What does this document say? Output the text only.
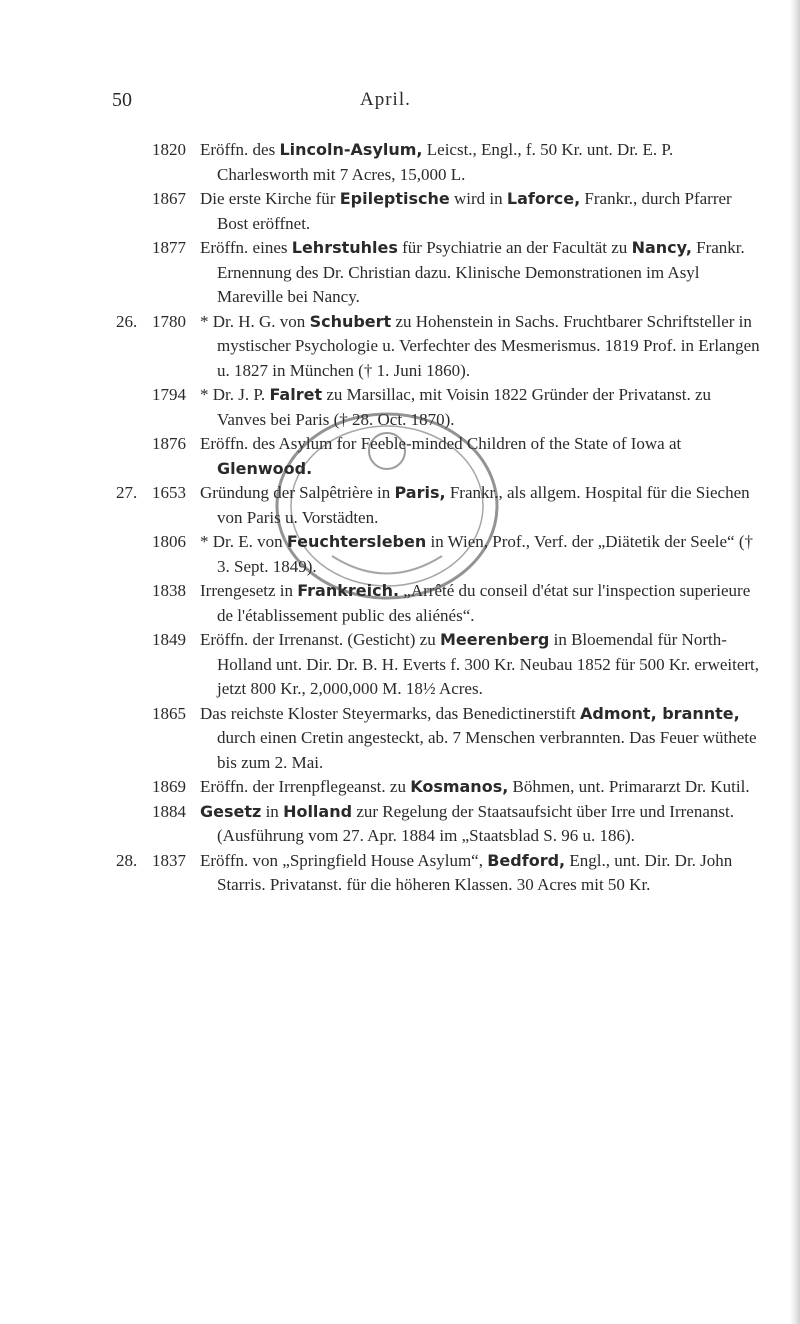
50	April.
1820 Eröffn. des Lincoln-Asylum, Leicst., Engl., f. 50 Kr. unt. Dr. E. P. Charlesworth mit 7 Acres, 15,000 L.
1867 Die erste Kirche für Epileptische wird in Laforce, Frankr., durch Pfarrer Bost eröffnet.
1877 Eröffn. eines Lehrstuhles für Psychiatrie an der Facultät zu Nancy, Frankr. Ernennung des Dr. Christian dazu. Klinische Demonstrationen im Asyl Mareville bei Nancy.
26. 1780 * Dr. H. G. von Schubert zu Hohenstein in Sachs. Fruchtbarer Schriftsteller in mystischer Psychologie u. Verfechter des Mesmerismus. 1819 Prof. in Erlangen u. 1827 in München († 1. Juni 1860).
1794 * Dr. J. P. Falret zu Marsillac, mit Voisin 1822 Gründer der Privatanst. zu Vanves bei Paris († 28. Oct. 1870).
1876 Eröffn. des Asylum for Feeble-minded Children of the State of Iowa at Glenwood.
27. 1653 Gründung der Salpêtrière in Paris, Frankr., als allgem. Hospital für die Siechen von Paris u. Vorstädten.
1806 * Dr. E. von Feuchtersleben in Wien, Prof., Verf. der „Diätetik der Seele“ († 3. Sept. 1849).
1838 Irrengesetz in Frankreich. „Arrêté du conseil d'état sur l'inspection superieure de l'établissement public des aliénés“.
1849 Eröffn. der Irrenanst. (Gesticht) zu Meerenberg in Bloemendal für North-Holland unt. Dir. Dr. B. H. Everts f. 300 Kr. Neubau 1852 für 500 Kr. erweitert, jetzt 800 Kr., 2,000,000 M. 18½ Acres.
1865 Das reichste Kloster Steyermarks, das Benedictinerstift Admont, brannte, durch einen Cretin angesteckt, ab. 7 Menschen verbrannten. Das Feuer wüthete bis zum 2. Mai.
1869 Eröffn. der Irrenpflegeanst. zu Kosmanos, Böhmen, unt. Primararzt Dr. Kutil.
1884 Gesetz in Holland zur Regelung der Staatsaufsicht über Irre und Irrenanst. (Ausführung vom 27. Apr. 1884 im „Staatsblad S. 96 u. 186).
28. 1837 Eröffn. von „Springfield House Asylum“, Bedford, Engl., unt. Dir. Dr. John Starris. Privatanst. für die höheren Klassen. 30 Acres mit 50 Kr.
